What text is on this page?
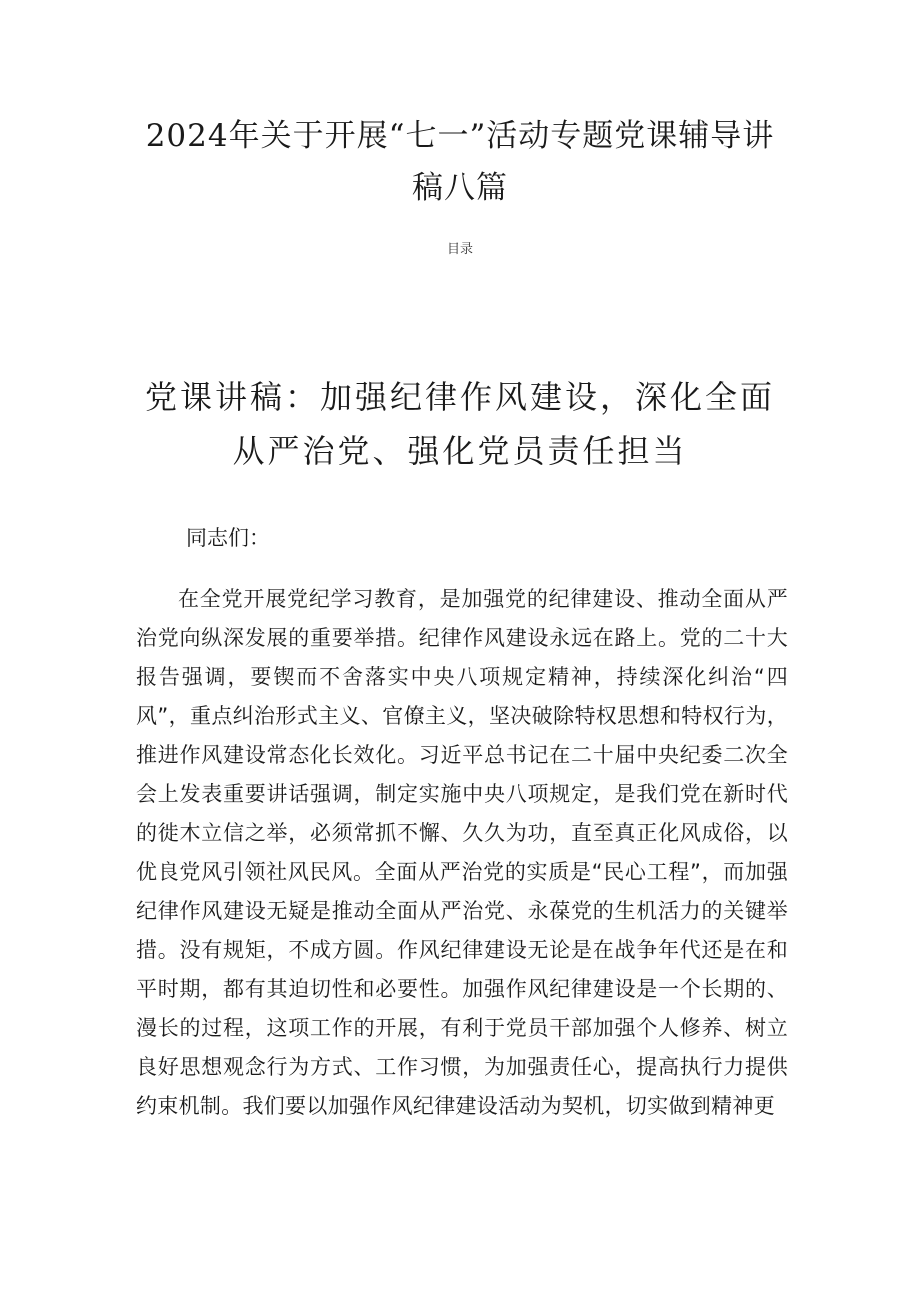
2024年关于开展“七一”活动专题党课辅导讲稿八篇
目录
党课讲稿：加强纪律作风建设，深化全面从严治党、强化党员责任担当

同志们：

在全党开展党纪学习教育，是加强党的纪律建设、推动全面从严治党向纵深发展的重要举措。纪律作风建设永远在路上。党的二十大报告强调，要锲而不舍落实中央八项规定精神，持续深化纠治“四风”，重点纠治形式主义、官僚主义，坚决破除特权思想和特权行为，推进作风建设常态化长效化。习近平总书记在二十届中央纪委二次全会上发表重要讲话强调，制定实施中央八项规定，是我们党在新时代的徙木立信之举，必须常抓不懈、久久为功，直至真正化风成俗，以优良党风引领社风民风。全面从严治党的实质是“民心工程”，而加强纪律作风建设无疑是推动全面从严治党、永葆党的生机活力的关键举措。没有规矩，不成方圆。作风纪律建设无论是在战争年代还是在和平时期，都有其迫切性和必要性。加强作风纪律建设是一个长期的、漫长的过程，这项工作的开展，有利于党员干部加强个人修养、树立良好思想观念行为方式、工作习惯，为加强责任心，提高执行力提供约束机制。我们要以加强作风纪律建设活动为契机，切实做到精神更
